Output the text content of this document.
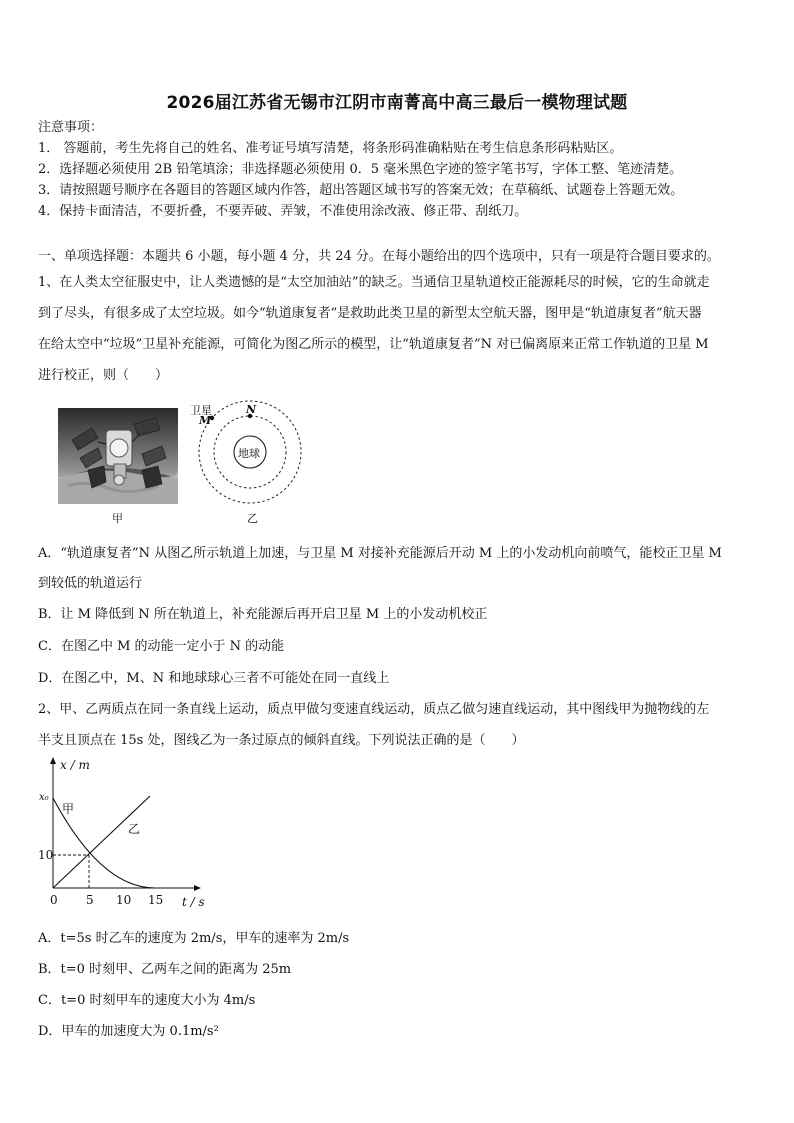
2026届江苏省无锡市江阴市南菁高中高三最后一模物理试题
注意事项：
1． 答题前，考生先将自己的姓名、准考证号填写清楚，将条形码准确粘贴在考生信息条形码粘贴区。
2．选择题必须使用 2B 铅笔填涂；非选择题必须使用 0．5 毫米黑色字迹的签字笔书写，字体工整、笔迹清楚。
3．请按照题号顺序在各题目的答题区域内作答，超出答题区域书写的答案无效；在草稿纸、试题卷上答题无效。
4．保持卡面清洁，不要折叠，不要弄破、弄皱，不准使用涂改液、修正带、刮纸刀。
一、单项选择题：本题共 6 小题，每小题 4 分，共 24 分。在每小题给出的四个选项中，只有一项是符合题目要求的。
1、在人类太空征服史中，让人类遗憾的是“太空加油站”的缺乏。当通信卫星轨道校正能源耗尽的时候，它的生命就走
到了尽头，有很多成了太空垃圾。如今“轨道康复者”是救助此类卫星的新型太空航天器，图甲是“轨道康复者”航天器
在给太空中“垃圾”卫星补充能源，可简化为图乙所示的模型，让“轨道康复者”N 对已偏离原来正常工作轨道的卫星 M
进行校正，则（　　）
甲
卫星
M
N
地球
乙
A．“轨道康复者”N 从图乙所示轨道上加速，与卫星 M 对接补充能源后开动 M 上的小发动机向前喷气，能校正卫星 M
到较低的轨道运行
B．让 M 降低到 N 所在轨道上，补充能源后再开启卫星 M 上的小发动机校正
C．在图乙中 M 的动能一定小于 N 的动能
D．在图乙中，M、N 和地球球心三者不可能处在同一直线上
2、甲、乙两质点在同一条直线上运动，质点甲做匀变速直线运动，质点乙做匀速直线运动，其中图线甲为抛物线的左
半支且顶点在 15s 处，图线乙为一条过原点的倾斜直线。下列说法正确的是（　　）
x / m
x₀
甲
乙
10
0 5 10 15 t / s
A．t=5s 时乙车的速度为 2m/s，甲车的速率为 2m/s
B．t=0 时刻甲、乙两车之间的距离为 25m
C．t=0 时刻甲车的速度大小为 4m/s
D．甲车的加速度大为 0.1m/s²
